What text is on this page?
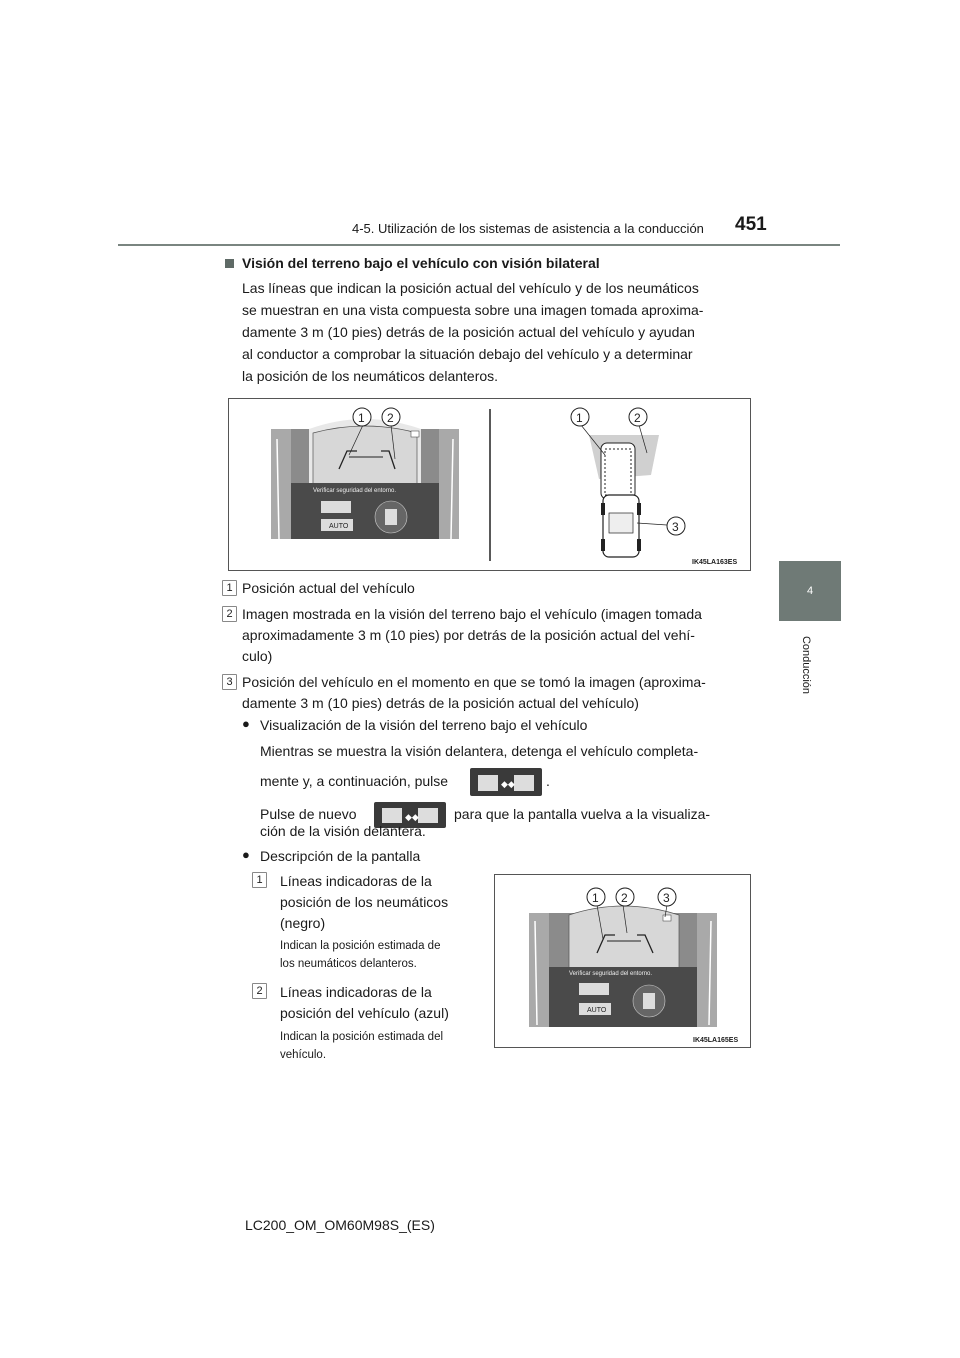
4-5. Utilización de los sistemas de asistencia a la conducción 451
4
Conducción
Visión del terreno bajo el vehículo con visión bilateral
Las líneas que indican la posición actual del vehículo y de los neumáticos
se muestran en una vista compuesta sobre una imagen tomada aproxima-
damente 3 m (10 pies) detrás de la posición actual del vehículo y ayudan
al conductor a comprobar la situación debajo del vehículo y a determinar
la posición de los neumáticos delanteros.
Verificar seguridad del entorno.
AUTO
1 2	1	2
3
IK45LA163ES
1 Posición actual del vehículo
2 Imagen mostrada en la visión del terreno bajo el vehículo (imagen tomada
aproximadamente 3 m (10 pies) por detrás de la posición actual del vehí-
culo)
3 Posición del vehículo en el momento en que se tomó la imagen (aproxima-
damente 3 m (10 pies) detrás de la posición actual del vehículo)
● Visualización de la visión del terreno bajo el vehículo
Mientras se muestra la visión delantera, detenga el vehículo completa-
mente y, a continuación, pulse	◆◆ .
Pulse de nuevo	◆◆	para que la pantalla vuelva a la visualiza-
ción de la visión delantera.
● Descripción de la pantalla
1	Líneas indicadoras de la
posición de los neumáticos
(negro)
Indican la posición estimada de
los neumáticos delanteros.
2	Líneas indicadoras de la
posición del vehículo (azul)
Indican la posición estimada del
vehículo.
Verificar seguridad del entorno.
AUTO
1 2	3
IK45LA165ES
LC200_OM_OM60M98S_(ES)
